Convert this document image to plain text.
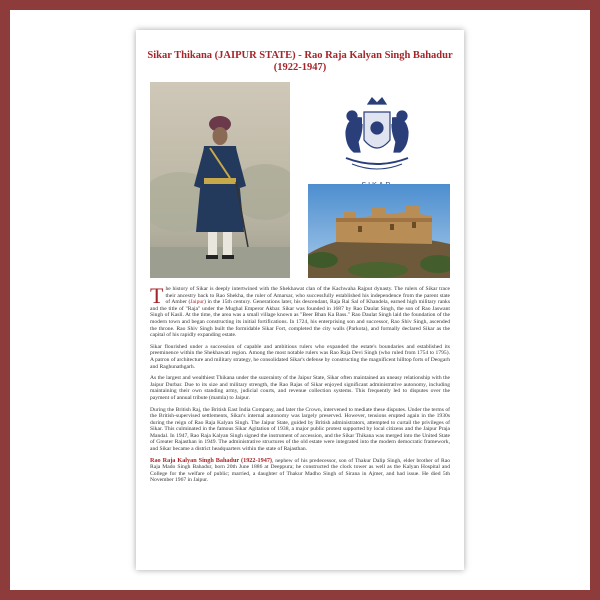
Sikar Thikana (JAIPUR STATE) - Rao Raja Kalyan Singh Bahadur (1922-1947)

The history of Sikar is deeply intertwined with the Shekhawat clan of the Kachwaha Rajput dynasty. The rulers of Sikar trace their ancestry back to Rao Shekha, the ruler of Amarsar, who successfully established his independence from the parent state of Amber (Jaipur) in the 15th century. Generations later, his descendant, Raja Rai Sal of Khandela, earned high military ranks and the title of "Raja" under the Mughal Emperor Akbar. Sikar was founded in 1687 by Rao Daulat Singh, the son of Rao Jaswant Singh of Kasli. At the time, the area was a small village known as "Beer Bhan Ka Bass." Rao Daulat Singh laid the foundation of the modern town and began constructing its initial fortifications. In 1724, his enterprising son and successor, Rao Shiv Singh, ascended the throne. Rao Shiv Singh built the formidable Sikar Fort, completed the city walls (Parkota), and formally declared Sikar as the capital of his rapidly expanding estate.

Sikar flourished under a succession of capable and ambitious rulers who expanded the estate's boundaries and established its preeminence within the Shekhawati region. Among the most notable rulers was Rao Raja Devi Singh (who ruled from 1754 to 1795). A patron of architecture and military strategy, he consolidated Sikar's defense by constructing the magnificent hilltop forts of Deogarh and Raghunathgarh.

As the largest and wealthiest Thikana under the suzerainty of the Jaipur State, Sikar often maintained an uneasy relationship with the Jaipur Durbar. Due to its size and military strength, the Rao Rajas of Sikar enjoyed significant administrative autonomy, including maintaining their own standing army, judicial courts, and revenue collection systems. This frequently led to disputes over the payment of annual tribute (mamla) to Jaipur.

During the British Raj, the British East India Company, and later the Crown, intervened to mediate these disputes. Under the terms of the British-supervised settlements, Sikar's internal autonomy was largely preserved. However, tensions erupted again in the 1930s during the reign of Rao Raja Kalyan Singh. The Jaipur State, guided by British administrators, attempted to curtail the privileges of Sikar. This culminated in the famous Sikar Agitation of 1938, a major public protest supported by local citizens and the Jaipur Praja Mandal. In 1947, Rao Raja Kalyan Singh signed the instrument of accession, and the Sikar Thikana was merged into the United State of Greater Rajasthan in 1949. The administrative structures of the old estate were integrated into the modern democratic framework, and Sikar became a district headquarters within the state of Rajasthan.

Rao Raja Kalyan Singh Bahadur (1922-1947), nephew of his predecessor, son of Thakur Dalip Singh, elder brother of Rao Raja Mado Singh Bahadur, born 20th June 1886 at Deeppura; he constructed the clock tower as well as the Kalyan Hospital and College for the welfare of public; married, a daughter of Thakur Madho Singh of Sirana in Ajmer, and had issue. He died 5th November 1967 in Jaipur.
